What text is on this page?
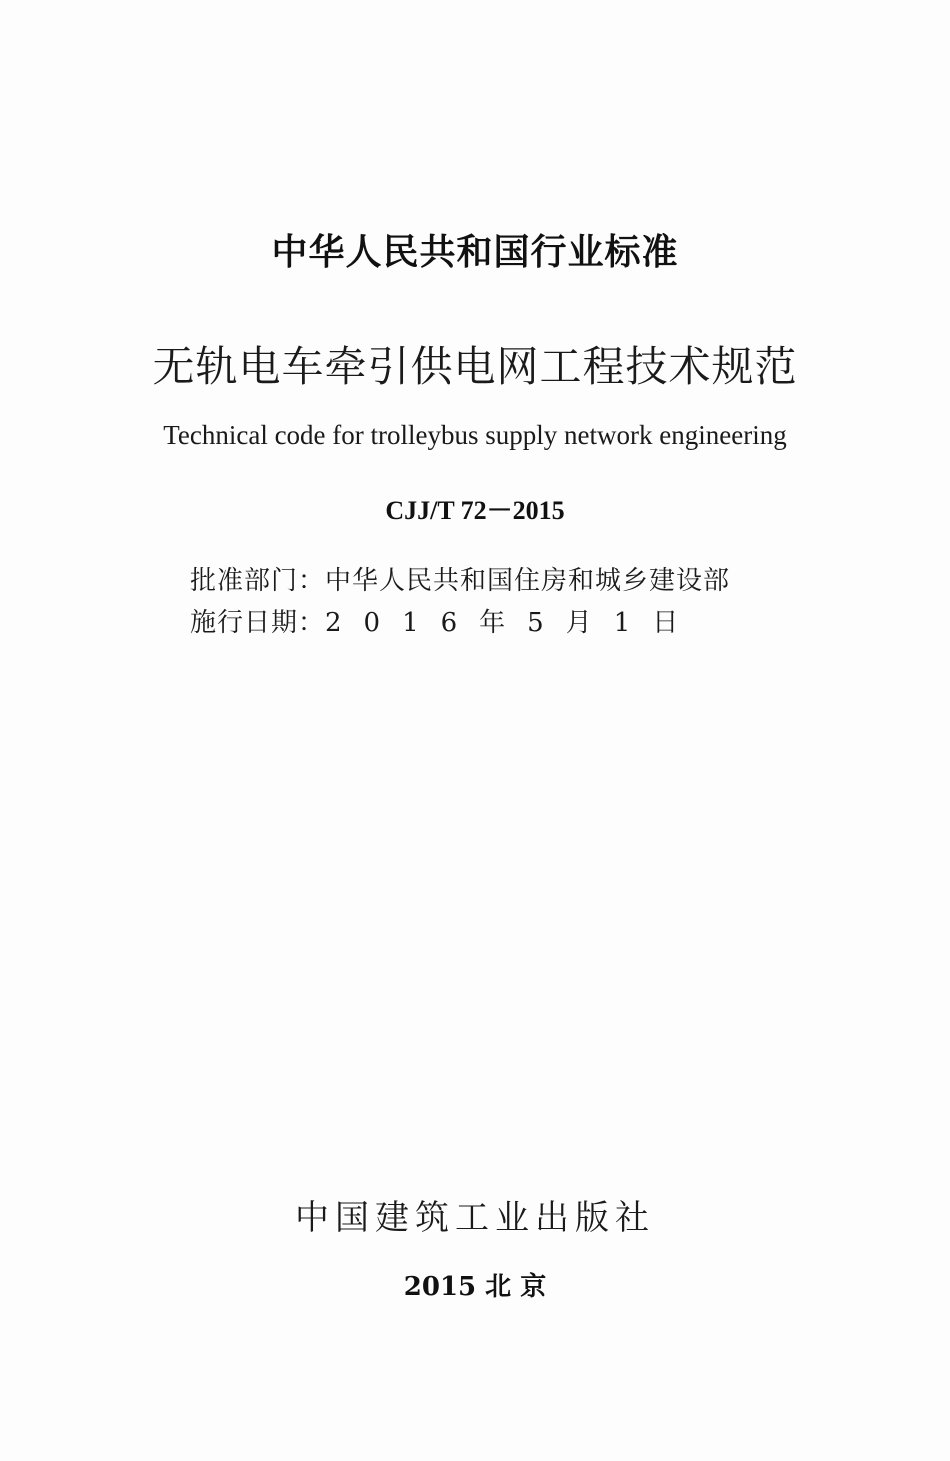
中华人民共和国行业标准
无轨电车牵引供电网工程技术规范
Technical code for trolleybus supply network engineering
CJJ/T 72－2015
批准部门：中华人民共和国住房和城乡建设部
施行日期：2016年5月1日
中国建筑工业出版社
2015 北 京
